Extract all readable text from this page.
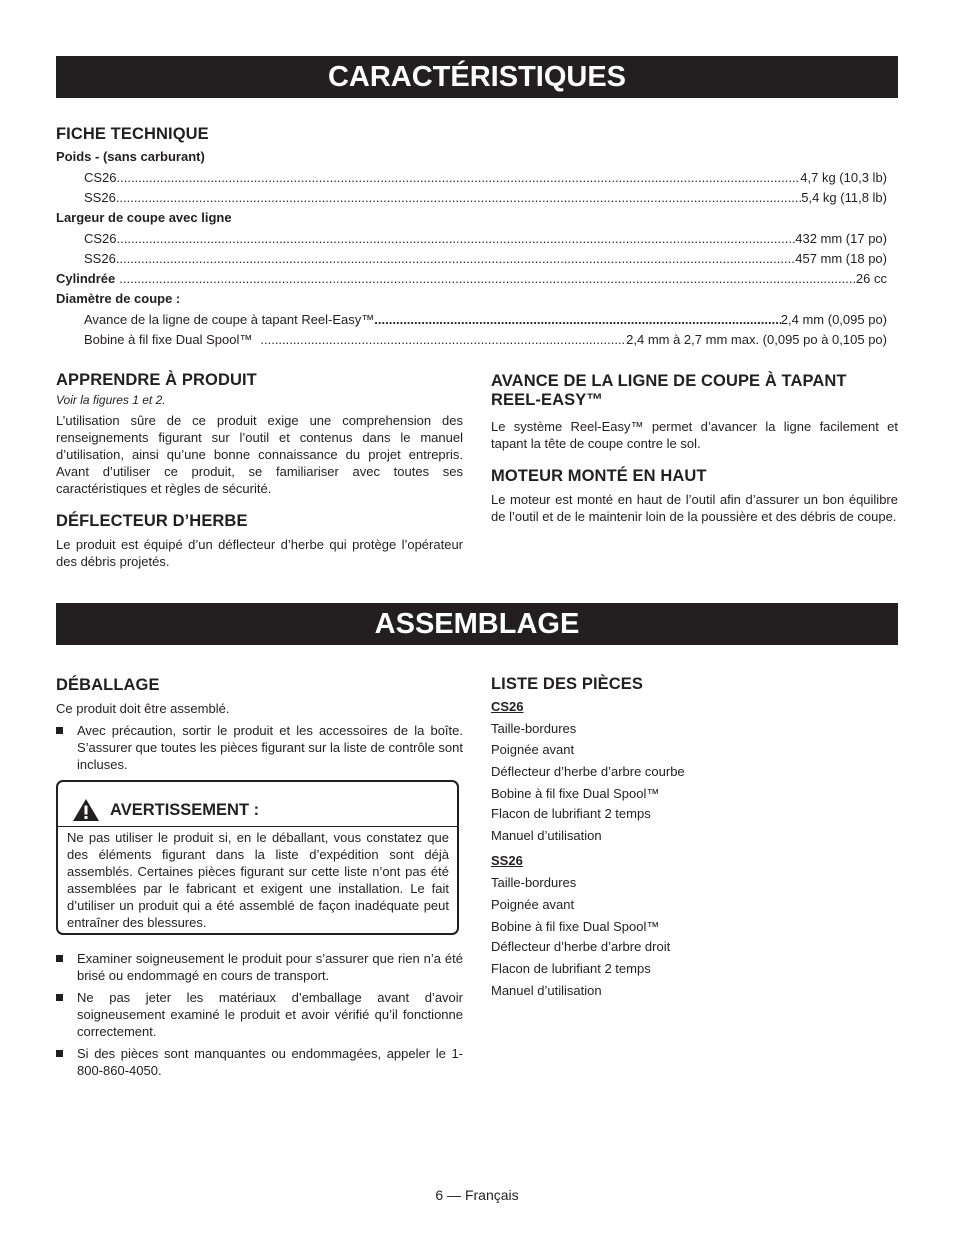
CARACTÉRISTIQUES
FICHE TECHNIQUE
Poids - (sans carburant)
CS26 .....	4,7 kg (10,3 lb)
SS26 .....	5,4 kg (11,8 lb)
Largeur de coupe avec ligne
CS26 .....	432 mm (17 po)
SS26 .....	457 mm (18 po)
Cylindrée .....	26 cc
Diamètre de coupe :
Avance de la ligne de coupe à tapant Reel-Easy™ .....	2,4 mm (0,095 po)
Bobine à fil fixe Dual Spool™ .....	2,4 mm à 2,7 mm max. (0,095 po à 0,105 po)
APPRENDRE À PRODUIT
Voir la figures 1 et 2.
L’utilisation sûre de ce produit exige une comprehension des renseignements figurant sur l’outil et contenus dans le manuel d’utilisation, ainsi qu’une bonne connaissance du projet entrepris. Avant d’utiliser ce produit, se familiariser avec toutes ses caractéristiques et règles de sécurité.
DÉFLECTEUR D’HERBE
Le produit est équipé d’un déflecteur d’herbe qui protège l’opérateur des débris projetés.
AVANCE DE LA LIGNE DE COUPE À TAPANT REEL-EASY™
Le système Reel-Easy™ permet d’avancer la ligne facilement et tapant la tête de coupe contre le sol.
MOTEUR MONTÉ EN HAUT
Le moteur est monté en haut de l’outil afin d’assurer un bon équilibre de l’outil et de le maintenir loin de la poussière et des débris de coupe.
ASSEMBLAGE
DÉBALLAGE
Ce produit doit être assemblé.
Avec précaution, sortir le produit et les accessoires de la boîte. S’assurer que toutes les pièces figurant sur la liste de contrôle sont incluses.
AVERTISSEMENT :
Ne pas utiliser le produit si, en le déballant, vous constatez que des éléments figurant dans la liste d’expédition sont déjà assemblés. Certaines pièces figurant sur cette liste n’ont pas été assemblées par le fabricant et exigent une installation. Le fait d’utiliser un produit qui a été assemblé de façon inadéquate peut entraîner des blessures.
Examiner soigneusement le produit pour s’assurer que rien n’a été brisé ou endommagé en cours de transport.
Ne pas jeter les matériaux d’emballage avant d’avoir soigneusement examiné le produit et avoir vérifié qu’il fonctionne correctement.
Si des pièces sont manquantes ou endommagées, appeler le 1-800-860-4050.
LISTE DES PIÈCES
CS26
Taille-bordures
Poignée avant
Déflecteur d’herbe d’arbre courbe
Bobine à fil fixe Dual Spool™
Flacon de lubrifiant 2 temps
Manuel d’utilisation
SS26
Taille-bordures
Poignée avant
Bobine à fil fixe Dual Spool™
Déflecteur d’herbe d’arbre droit
Flacon de lubrifiant 2 temps
Manuel d’utilisation
6 — Français
